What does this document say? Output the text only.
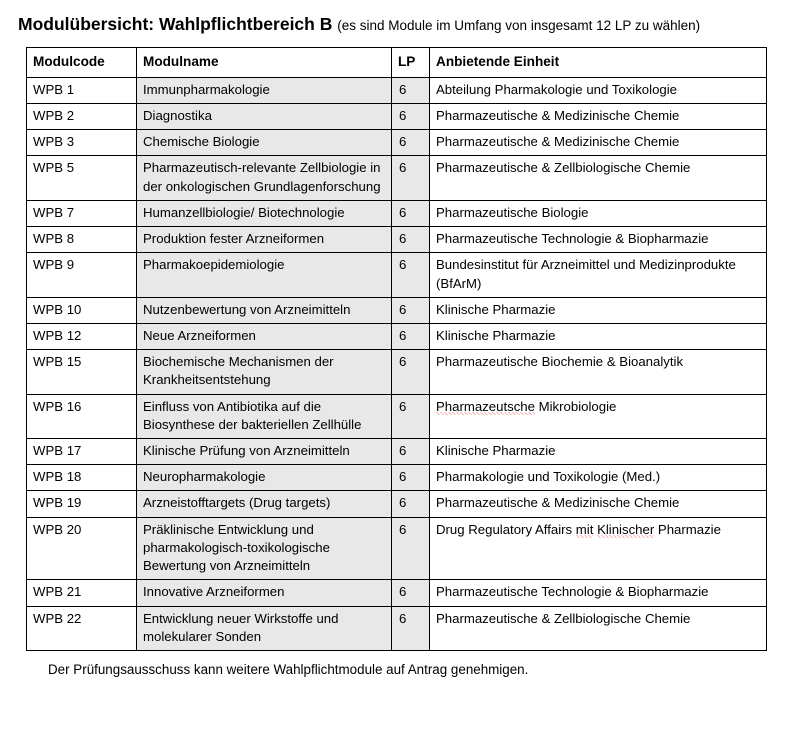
Modulübersicht: Wahlpflichtbereich B (es sind Module im Umfang von insgesamt 12 LP zu wählen)
Modulcode	Modulname	LP	Anbietende Einheit
WPB 1	Immunpharmakologie	6	Abteilung Pharmakologie und Toxikologie
WPB 2	Diagnostika	6	Pharmazeutische & Medizinische Chemie
WPB 3	Chemische Biologie	6	Pharmazeutische & Medizinische Chemie
WPB 5	Pharmazeutisch-relevante Zellbiologie in der onkologischen Grundlagenforschung	6	Pharmazeutische & Zellbiologische Chemie
WPB 7	Humanzellbiologie/ Biotechnologie	6	Pharmazeutische Biologie
WPB 8	Produktion fester Arzneiformen	6	Pharmazeutische Technologie & Biopharmazie
WPB 9	Pharmakoepidemiologie	6	Bundesinstitut für Arzneimittel und Medizinprodukte (BfArM)
WPB 10	Nutzenbewertung von Arzneimitteln	6	Klinische Pharmazie
WPB 12	Neue Arzneiformen	6	Klinische Pharmazie
WPB 15	Biochemische Mechanismen der Krankheitsentstehung	6	Pharmazeutische Biochemie & Bioanalytik
WPB 16	Einfluss von Antibiotika auf die Biosynthese der bakteriellen Zellhülle	6	Pharmazeutsche Mikrobiologie
WPB 17	Klinische Prüfung von Arzneimitteln	6	Klinische Pharmazie
WPB 18	Neuropharmakologie	6	Pharmakologie und Toxikologie (Med.)
WPB 19	Arzneistofftargets (Drug targets)	6	Pharmazeutische & Medizinische Chemie
WPB 20	Präklinische Entwicklung und pharmakologisch-toxikologische Bewertung von Arzneimitteln	6	Drug Regulatory Affairs mit Klinischer Pharmazie
WPB 21	Innovative Arzneiformen	6	Pharmazeutische Technologie & Biopharmazie
WPB 22	Entwicklung neuer Wirkstoffe und molekularer Sonden	6	Pharmazeutische & Zellbiologische Chemie
Der Prüfungsausschuss kann weitere Wahlpflichtmodule auf Antrag genehmigen.
